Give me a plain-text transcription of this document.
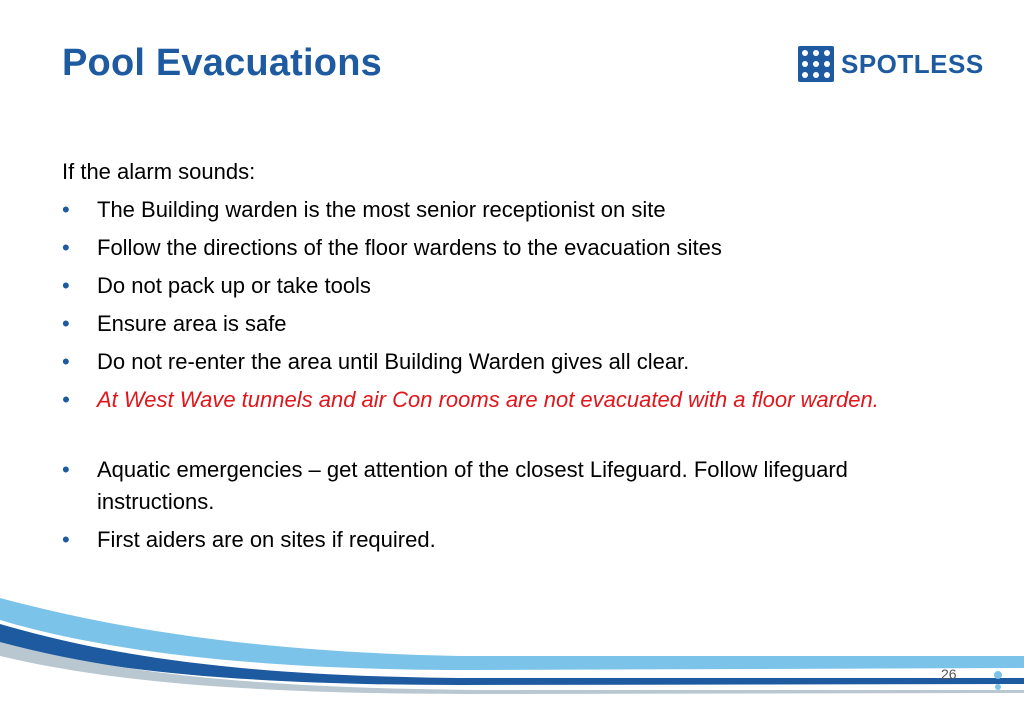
Pool Evacuations	SPOTLESS
If the alarm sounds:
• The Building warden is the most senior receptionist on site
• Follow the directions of the floor wardens to the evacuation sites
• Do not pack up or take tools
• Ensure area is safe
• Do not re-enter the area until Building Warden gives all clear.
• At West Wave tunnels and air Con rooms are not evacuated with a floor warden.
• Aquatic emergencies – get attention of the closest Lifeguard. Follow lifeguard instructions.
• First aiders are on sites if required.
26
